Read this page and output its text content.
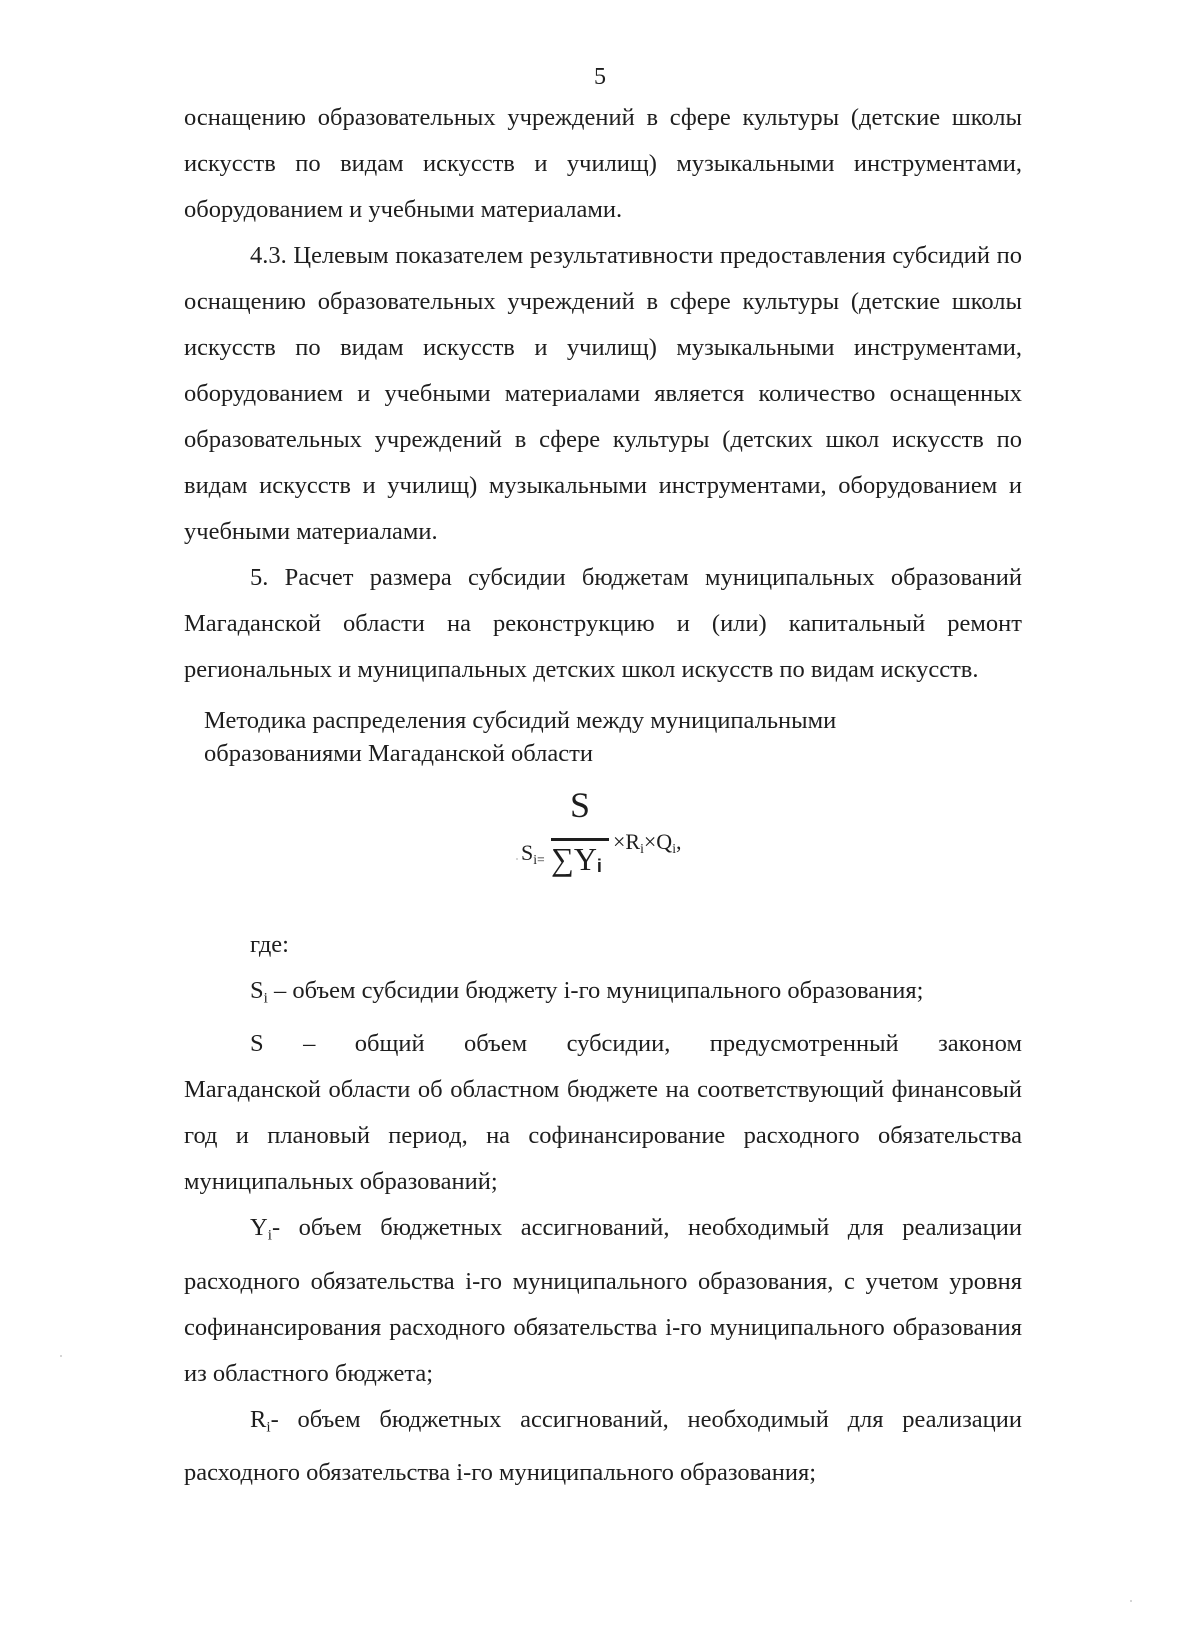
5

оснащению образовательных учреждений в сфере культуры (детские школы искусств по видам искусств и училищ) музыкальными инструментами, оборудованием и учебными материалами.

4.3. Целевым показателем результативности предоставления субсидий по оснащению образовательных учреждений в сфере культуры (детские школы искусств по видам искусств и училищ) музыкальными инструментами, оборудованием и учебными материалами является количество оснащенных образовательных учреждений в сфере культуры (детских школ искусств по видам искусств и училищ) музыкальными инструментами, оборудованием и учебными материалами.

5. Расчет размера субсидии бюджетам муниципальных образований Магаданской области на реконструкцию и (или) капитальный ремонт региональных и муниципальных детских школ искусств по видам искусств.

Методика распределения субсидий между муниципальными
образованиями Магаданской области

$S_{i=}$
S
∑Yi
$\times R_i\times Q_i$,

где:

$S_i$ – объем субсидии бюджету i-го муниципального образования;

S – общий объем субсидии, предусмотренный законом

Магаданской области об областном бюджете на соответствующий финансовый год и плановый период, на софинансирование расходного обязательства муниципальных образований;

$Y_i-$ объем бюджетных ассигнований, необходимый для реализации расходного обязательства i-го муниципального образования, с учетом уровня софинансирования расходного обязательства i-го муниципального образования из областного бюджета;

$R_i-$ объем бюджетных ассигнований, необходимый для реализации расходного обязательства i-го муниципального образования;
